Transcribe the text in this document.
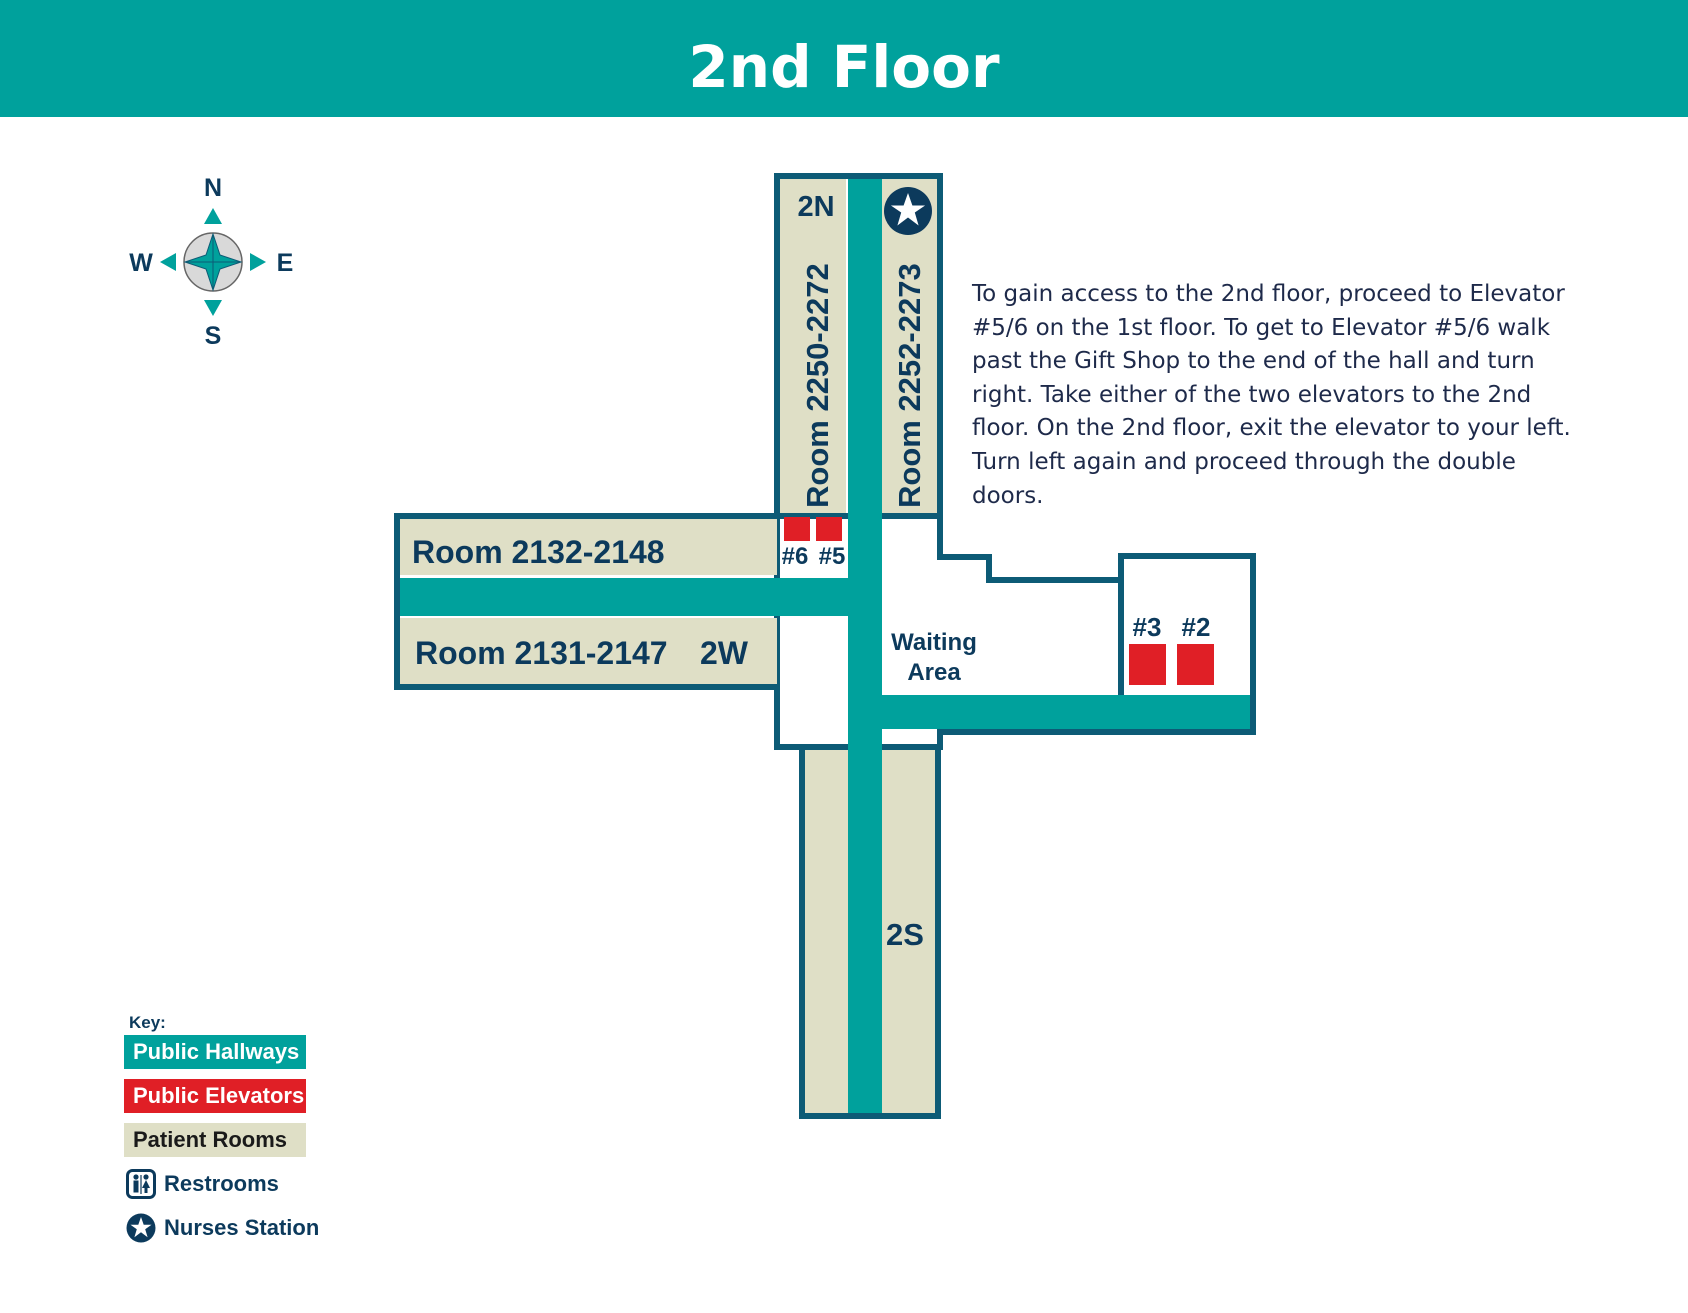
2nd Floor
N
S
E
W
2N
2S
2W
Room 2250-2272 Room 2252-2273
Room 2132-2148
Room 2131-2147
#6 #5
#3 #2
Waiting
Area
To gain access to the 2nd floor, proceed to Elevator #5/6 on the 1st floor. To get to Elevator #5/6 walk past the Gift Shop to the end of the hall and turn right. Take either of the two elevators to the 2nd floor. On the 2nd floor, exit the elevator to your left. Turn left again and proceed through the double doors.
Key:
Public Hallways
Public Elevators
Patient Rooms
Restrooms
Nurses Station
